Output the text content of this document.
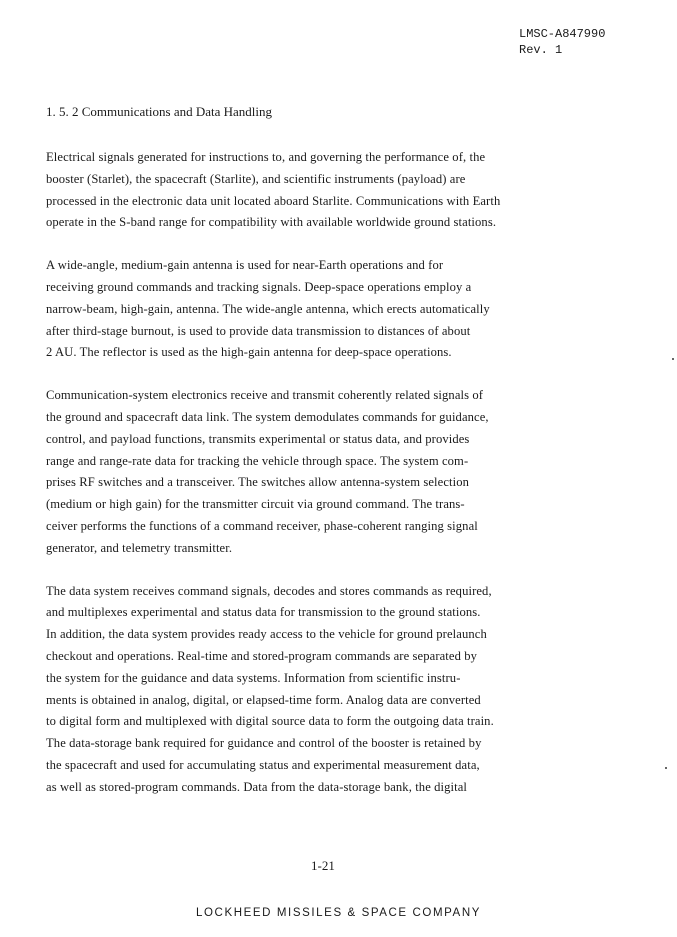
LMSC-A847990
Rev. 1
1. 5. 2 Communications and Data Handling
Electrical signals generated for instructions to, and governing the performance of, the
booster (Starlet), the spacecraft (Starlite), and scientific instruments (payload) are
processed in the electronic data unit located aboard Starlite. Communications with Earth
operate in the S-band range for compatibility with available worldwide ground stations.
A wide-angle, medium-gain antenna is used for near-Earth operations and for
receiving ground commands and tracking signals. Deep-space operations employ a
narrow-beam, high-gain, antenna. The wide-angle antenna, which erects automatically
after third-stage burnout, is used to provide data transmission to distances of about
2 AU. The reflector is used as the high-gain antenna for deep-space operations.
Communication-system electronics receive and transmit coherently related signals of
the ground and spacecraft data link. The system demodulates commands for guidance,
control, and payload functions, transmits experimental or status data, and provides
range and range-rate data for tracking the vehicle through space. The system com-
prises RF switches and a transceiver. The switches allow antenna-system selection
(medium or high gain) for the transmitter circuit via ground command. The trans-
ceiver performs the functions of a command receiver, phase-coherent ranging signal
generator, and telemetry transmitter.
The data system receives command signals, decodes and stores commands as required,
and multiplexes experimental and status data for transmission to the ground stations.
In addition, the data system provides ready access to the vehicle for ground prelaunch
checkout and operations. Real-time and stored-program commands are separated by
the system for the guidance and data systems. Information from scientific instru-
ments is obtained in analog, digital, or elapsed-time form. Analog data are converted
to digital form and multiplexed with digital source data to form the outgoing data train.
The data-storage bank required for guidance and control of the booster is retained by
the spacecraft and used for accumulating status and experimental measurement data,
as well as stored-program commands. Data from the data-storage bank, the digital
1-21
LOCKHEED MISSILES & SPACE COMPANY
